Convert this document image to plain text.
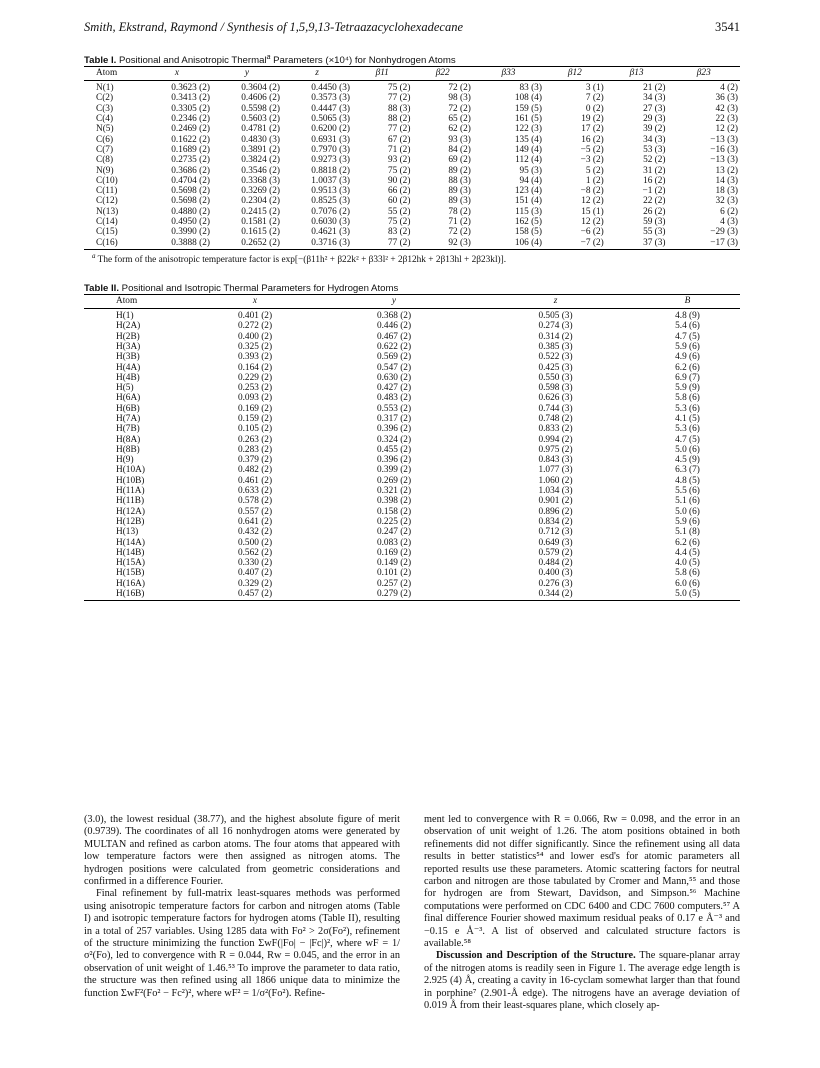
Smith, Ekstrand, Raymond / Synthesis of 1,5,9,13-Tetraazacyclohexadecane	3541
Table I. Positional and Anisotropic Thermal$^a$ Parameters (×10⁴) for Nonhydrogen Atoms
Atom	x	y	z	β11	β22	β33	β12	β13	β23
N(1)	0.3623 (2)	0.3604 (2)	0.4450 (3)	75 (2)	72 (2)	83 (3)	3 (1)	21 (2)	4 (2)
C(2)	0.3413 (2)	0.4606 (2)	0.3573 (3)	77 (2)	98 (3)	108 (4)	7 (2)	34 (3)	36 (3)
C(3)	0.3305 (2)	0.5598 (2)	0.4447 (3)	88 (3)	72 (2)	159 (5)	0 (2)	27 (3)	42 (3)
C(4)	0.2346 (2)	0.5603 (2)	0.5065 (3)	88 (2)	65 (2)	161 (5)	19 (2)	29 (3)	22 (3)
N(5)	0.2469 (2)	0.4781 (2)	0.6200 (2)	77 (2)	62 (2)	122 (3)	17 (2)	39 (2)	12 (2)
C(6)	0.1622 (2)	0.4830 (3)	0.6931 (3)	67 (2)	93 (3)	135 (4)	16 (2)	34 (3)	−13 (3)
C(7)	0.1689 (2)	0.3891 (2)	0.7970 (3)	71 (2)	84 (2)	149 (4)	−5 (2)	53 (3)	−16 (3)
C(8)	0.2735 (2)	0.3824 (2)	0.9273 (3)	93 (2)	69 (2)	112 (4)	−3 (2)	52 (2)	−13 (3)
N(9)	0.3686 (2)	0.3546 (2)	0.8818 (2)	75 (2)	89 (2)	95 (3)	5 (2)	31 (2)	13 (2)
C(10)	0.4704 (2)	0.3368 (3)	1.0037 (3)	90 (2)	88 (3)	94 (4)	1 (2)	16 (2)	14 (3)
C(11)	0.5698 (2)	0.3269 (2)	0.9513 (3)	66 (2)	89 (3)	123 (4)	−8 (2)	−1 (2)	18 (3)
C(12)	0.5698 (2)	0.2304 (2)	0.8525 (3)	60 (2)	89 (3)	151 (4)	12 (2)	22 (2)	32 (3)
N(13)	0.4880 (2)	0.2415 (2)	0.7076 (2)	55 (2)	78 (2)	115 (3)	15 (1)	26 (2)	6 (2)
C(14)	0.4950 (2)	0.1581 (2)	0.6030 (3)	75 (2)	71 (2)	162 (5)	12 (2)	59 (3)	4 (3)
C(15)	0.3990 (2)	0.1615 (2)	0.4621 (3)	83 (2)	72 (2)	158 (5)	−6 (2)	55 (3)	−29 (3)
C(16)	0.3888 (2)	0.2652 (2)	0.3716 (3)	77 (2)	92 (3)	106 (4)	−7 (2)	37 (3)	−17 (3)
$^a$ The form of the anisotropic temperature factor is exp[−(β11h² + β22k² + β33l² + 2β12hk + 2β13hl + 2β23kl)].
Table II. Positional and Isotropic Thermal Parameters for Hydrogen Atoms
Atom	x	y	z	B
H(1)	0.401 (2)	0.368 (2)	0.505 (3)	4.8 (9)
H(2A)	0.272 (2)	0.446 (2)	0.274 (3)	5.4 (6)
H(2B)	0.400 (2)	0.467 (2)	0.314 (2)	4.7 (5)
H(3A)	0.325 (2)	0.622 (2)	0.385 (3)	5.9 (6)
H(3B)	0.393 (2)	0.569 (2)	0.522 (3)	4.9 (6)
H(4A)	0.164 (2)	0.547 (2)	0.425 (3)	6.2 (6)
H(4B)	0.229 (2)	0.630 (2)	0.550 (3)	6.9 (7)
H(5)	0.253 (2)	0.427 (2)	0.598 (3)	5.9 (9)
H(6A)	0.093 (2)	0.483 (2)	0.626 (3)	5.8 (6)
H(6B)	0.169 (2)	0.553 (2)	0.744 (3)	5.3 (6)
H(7A)	0.159 (2)	0.317 (2)	0.748 (2)	4.1 (5)
H(7B)	0.105 (2)	0.396 (2)	0.833 (2)	5.3 (6)
H(8A)	0.263 (2)	0.324 (2)	0.994 (2)	4.7 (5)
H(8B)	0.283 (2)	0.455 (2)	0.975 (2)	5.0 (6)
H(9)	0.379 (2)	0.396 (2)	0.843 (3)	4.5 (9)
H(10A)	0.482 (2)	0.399 (2)	1.077 (3)	6.3 (7)
H(10B)	0.461 (2)	0.269 (2)	1.060 (2)	4.8 (5)
H(11A)	0.633 (2)	0.321 (2)	1.034 (3)	5.5 (6)
H(11B)	0.578 (2)	0.398 (2)	0.901 (2)	5.1 (6)
H(12A)	0.557 (2)	0.158 (2)	0.896 (2)	5.0 (6)
H(12B)	0.641 (2)	0.225 (2)	0.834 (2)	5.9 (6)
H(13)	0.432 (2)	0.247 (2)	0.712 (3)	5.1 (8)
H(14A)	0.500 (2)	0.083 (2)	0.649 (3)	6.2 (6)
H(14B)	0.562 (2)	0.169 (2)	0.579 (2)	4.4 (5)
H(15A)	0.330 (2)	0.149 (2)	0.484 (2)	4.0 (5)
H(15B)	0.407 (2)	0.101 (2)	0.400 (3)	5.8 (6)
H(16A)	0.329 (2)	0.257 (2)	0.276 (3)	6.0 (6)
H(16B)	0.457 (2)	0.279 (2)	0.344 (2)	5.0 (5)

(3.0), the lowest residual (38.77), and the highest absolute figure of merit (0.9739). The coordinates of all 16 nonhydrogen atoms were generated by MULTAN and refined as carbon atoms. The four atoms that appeared with low temperature factors were then assigned as nitrogen atoms. The hydrogen positions were calculated from geometric considerations and confirmed in a difference Fourier.

Final refinement by full-matrix least-squares methods was performed using anisotropic temperature factors for carbon and nitrogen atoms (Table I) and isotropic temperature factors for hydrogen atoms (Table II), resulting in a total of 257 variables. Using 1285 data with Fo² > 2σ(Fo²), refinement of the structure minimizing the function ΣwF(|Fo| − |Fc|)², where wF = 1/σ²(Fo), led to convergence with R = 0.044, Rw = 0.045, and the error in an observation of unit weight of 1.46.⁵³ To improve the parameter to data ratio, the structure was then refined using all 1866 unique data to minimize the function ΣwF²(Fo² − Fc²)², where wF² = 1/σ²(Fo²). Refine-

ment led to convergence with R = 0.066, Rw = 0.098, and the error in an observation of unit weight of 1.26. The atom positions obtained in both refinements did not differ significantly. Since the refinement using all data results in better statistics⁵⁴ and lower esd's for atomic parameters all reported results use these parameters. Atomic scattering factors for neutral carbon and nitrogen are those tabulated by Cromer and Mann,⁵⁵ and those for hydrogen are from Stewart, Davidson, and Simpson.⁵⁶ Machine computations were performed on CDC 6400 and CDC 7600 computers.⁵⁷ A final difference Fourier showed maximum residual peaks of 0.17 e Å⁻³ and −0.15 e Å⁻³. A list of observed and calculated structure factors is available.⁵⁸

Discussion and Description of the Structure. The square-planar array of the nitrogen atoms is readily seen in Figure 1. The average edge length is 2.925 (4) Å, creating a cavity in 16-cyclam somewhat larger than that found in porphine⁷ (2.901-Å edge). The nitrogens have an average deviation of 0.019 Å from their least-squares plane, which closely ap-
